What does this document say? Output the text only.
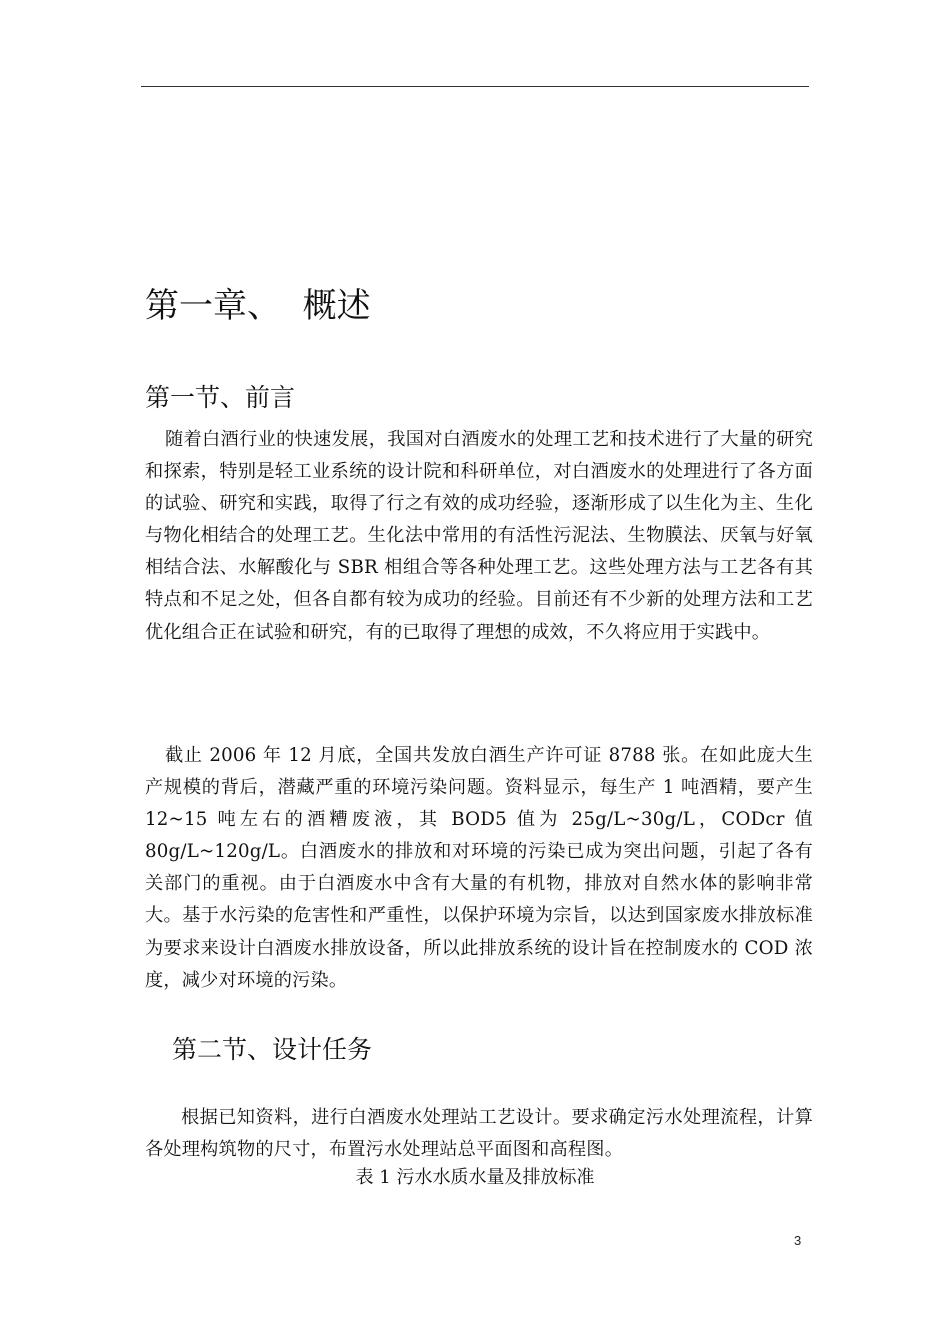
第一章、  概述
第一节、前言

随着白酒行业的快速发展，我国对白酒废水的处理工艺和技术进行了大量的研究和探索，特别是轻工业系统的设计院和科研单位，对白酒废水的处理进行了各方面的试验、研究和实践，取得了行之有效的成功经验，逐渐形成了以生化为主、生化与物化相结合的处理工艺。生化法中常用的有活性污泥法、生物膜法、厌氧与好氧相结合法、水解酸化与 SBR 相组合等各种处理工艺。这些处理方法与工艺各有其特点和不足之处，但各自都有较为成功的经验。目前还有不少新的处理方法和工艺优化组合正在试验和研究，有的已取得了理想的成效，不久将应用于实践中。

截止 2006 年 12 月底，全国共发放白酒生产许可证 8788 张。在如此庞大生产规模的背后，潜藏严重的环境污染问题。资料显示，每生产 1 吨酒精，要产生 12~15 吨左右的酒糟废液，其 BOD5 值为 25g/L~30g/L，CODcr 值 80g/L~120g/L。白酒废水的排放和对环境的污染已成为突出问题，引起了各有关部门的重视。由于白酒废水中含有大量的有机物，排放对自然水体的影响非常大。基于水污染的危害性和严重性，以保护环境为宗旨，以达到国家废水排放标准为要求来设计白酒废水排放设备，所以此排放系统的设计旨在控制废水的 COD 浓度，减少对环境的污染。

第二节、设计任务

根据已知资料，进行白酒废水处理站工艺设计。要求确定污水处理流程，计算各处理构筑物的尺寸，布置污水处理站总平面图和高程图。

表 1 污水水质水量及排放标准

3
